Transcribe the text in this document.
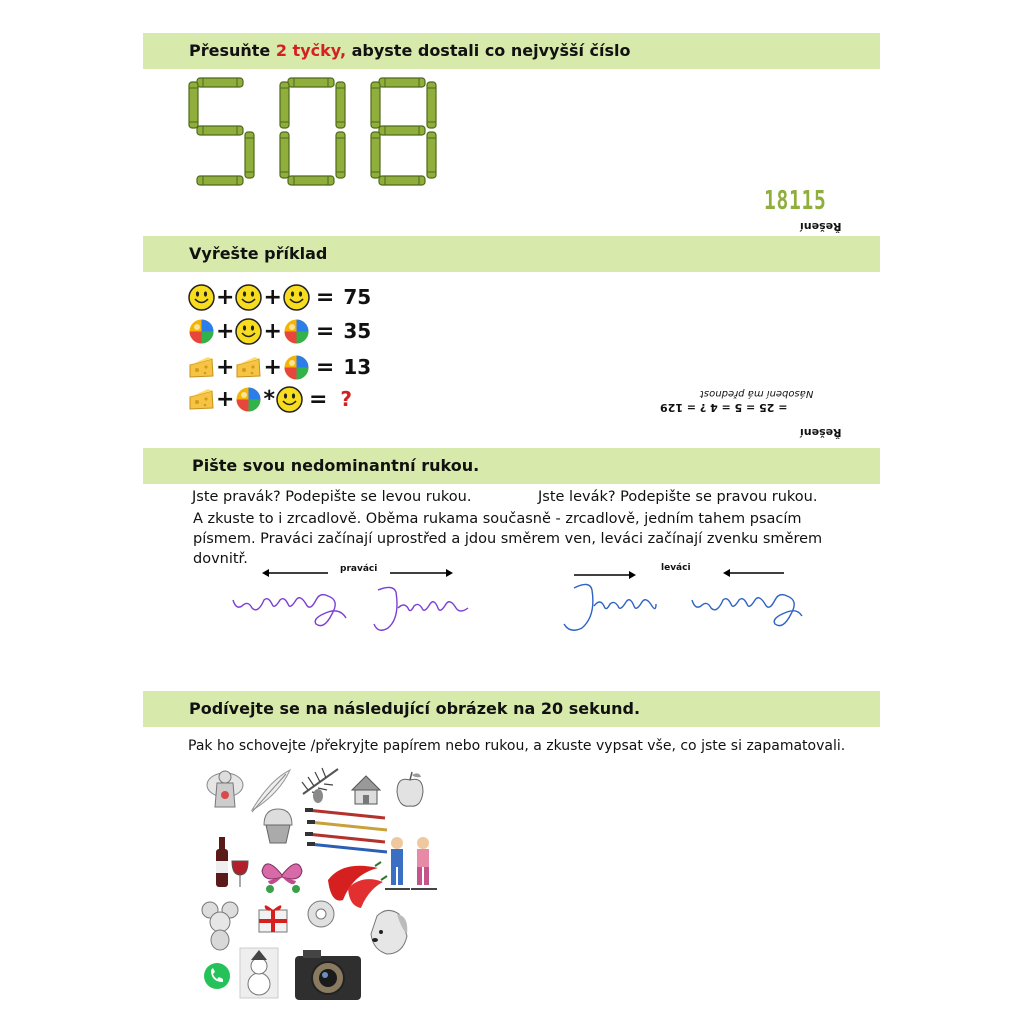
Přesuňte 2 tyčky, abyste dostali co nejvyšší číslo
18115
Řešení
Vyřešte příklad
+ + = 75
+ + = 35
+ + = 13
+ * = ?	Násobení má přednost
= 25 = 5 = 4 ? = 129
Řešení
Pište svou nedominantní rukou.
Jste pravák? Podepište se levou rukou.	Jste levák? Podepište se pravou rukou.
A zkuste to i zrcadlově. Oběma rukama současně - zrcadlově, jedním tahem psacím písmem. Praváci začínají uprostřed a jdou směrem ven, leváci začínají zvenku směrem dovnitř.
praváci	leváci
Podívejte se na následující obrázek na 20 sekund.
Pak ho schovejte /překryjte papírem nebo rukou, a zkuste vypsat vše, co jste si zapamatovali.
